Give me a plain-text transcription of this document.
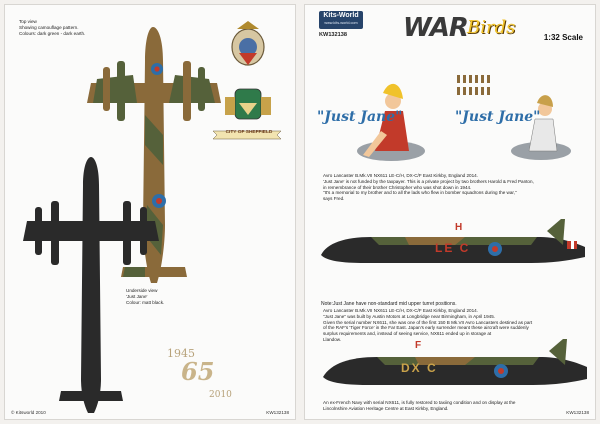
Top view
Showing camouflage pattern.
Colours: dark green - dark earth.
CITY OF SHEFFIELD
Underside view
'Just Jane'
Colour: matt black.
1945
65
2010
© Kitsworld 2010	KW132138
Kits-World
www.kits-world.com
KW132138 WAR Birds	1:32 Scale
"Just Jane"	"Just Jane"
Avro Lancaster B.Mk.VII NX611 LE-C/H, DX-C/F East Kirkby, England 2014.
'Just Jane' is not funded by the taxpayer. This is a private project by two brothers Harold & Fred Panton,
in remembrance of their brother Christopher who was shot down in 1944.
"It's a memorial to my brother and to all the lads who flew in bomber squadrons during the war,"
says Fred.
LE C
H
Note:Just Jane have non-standard mid upper turret positions.
Avro Lancaster B.Mk.VII NX611 LE-C/H, DX-C/F East Kirkby, England 2014.
"Just Jane" was built by Austin Motors at Longbridge near Birmingham, in April 1945.
Given the serial number NX611, she was one of the first 150 B Mk.VII Avro Lancasters destined as part
of the RAF's 'Tiger Force' in the Far East. Japan's early surrender meant these aircraft were suddenly
surplus requirements and, instead of seeing service, NX611 ended up in storage at
Llandow.
DX C
F
An ex-French Navy with serial NX611, is fully restored to taxiing condition and on display at the
Lincolnshire Aviation Heritage Centre at East Kirkby, England.
KW132138
